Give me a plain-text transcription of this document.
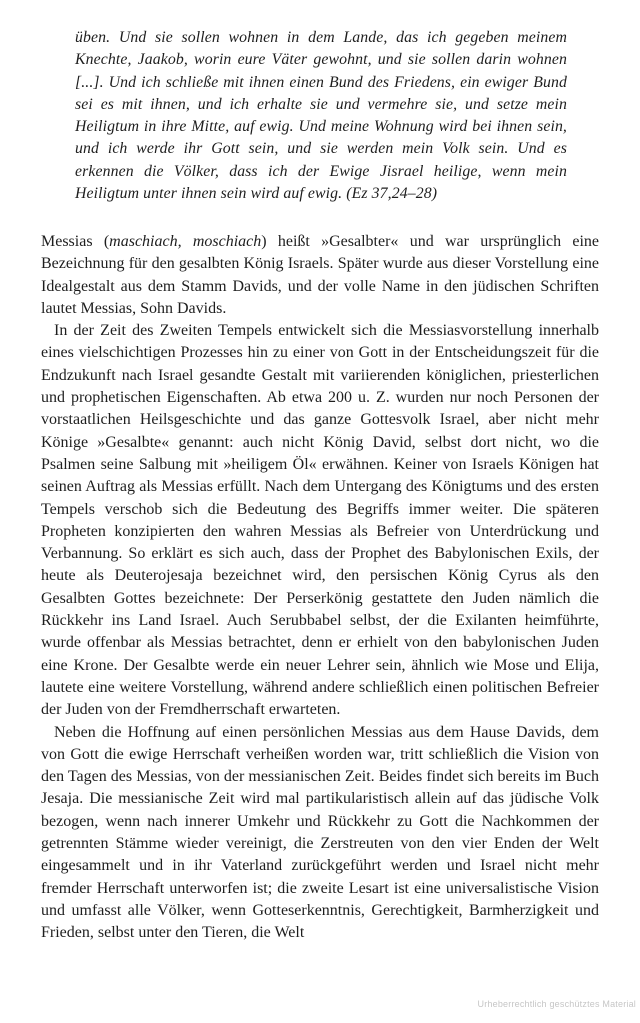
üben. Und sie sollen wohnen in dem Lande, das ich gegeben meinem Knechte, Jaakob, worin eure Väter gewohnt, und sie sollen darin wohnen [...]. Und ich schließe mit ihnen einen Bund des Friedens, ein ewiger Bund sei es mit ihnen, und ich erhalte sie und vermehre sie, und setze mein Heiligtum in ihre Mitte, auf ewig. Und meine Wohnung wird bei ihnen sein, und ich werde ihr Gott sein, und sie werden mein Volk sein. Und es erkennen die Völker, dass ich der Ewige Jisrael heilige, wenn mein Heiligtum unter ihnen sein wird auf ewig. (Ez 37,24–28)

Messias (maschiach, moschiach) heißt »Gesalbter« und war ursprünglich eine Bezeichnung für den gesalbten König Israels. Später wurde aus dieser Vorstellung eine Idealgestalt aus dem Stamm Davids, und der volle Name in den jüdischen Schriften lautet Messias, Sohn Davids.

In der Zeit des Zweiten Tempels entwickelt sich die Messiasvorstellung innerhalb eines vielschichtigen Prozesses hin zu einer von Gott in der Entscheidungszeit für die Endzukunft nach Israel gesandte Gestalt mit variierenden königlichen, priesterlichen und prophetischen Eigenschaften. Ab etwa 200 u. Z. wurden nur noch Personen der vorstaatlichen Heilsgeschichte und das ganze Gottesvolk Israel, aber nicht mehr Könige »Gesalbte« genannt: auch nicht König David, selbst dort nicht, wo die Psalmen seine Salbung mit »heiligem Öl« erwähnen. Keiner von Israels Königen hat seinen Auftrag als Messias erfüllt. Nach dem Untergang des Königtums und des ersten Tempels verschob sich die Bedeutung des Begriffs immer weiter. Die späteren Propheten konzipierten den wahren Messias als Befreier von Unterdrückung und Verbannung. So erklärt es sich auch, dass der Prophet des Babylonischen Exils, der heute als Deuterojesaja bezeichnet wird, den persischen König Cyrus als den Gesalbten Gottes bezeichnete: Der Perserkönig gestattete den Juden nämlich die Rückkehr ins Land Israel. Auch Serubbabel selbst, der die Exilanten heimführte, wurde offenbar als Messias betrachtet, denn er erhielt von den babylonischen Juden eine Krone. Der Gesalbte werde ein neuer Lehrer sein, ähnlich wie Mose und Elija, lautete eine weitere Vorstellung, während andere schließlich einen politischen Befreier der Juden von der Fremdherrschaft erwarteten.

Neben die Hoffnung auf einen persönlichen Messias aus dem Hause Davids, dem von Gott die ewige Herrschaft verheißen worden war, tritt schließlich die Vision von den Tagen des Messias, von der messianischen Zeit. Beides findet sich bereits im Buch Jesaja. Die messianische Zeit wird mal partikularistisch allein auf das jüdische Volk bezogen, wenn nach innerer Umkehr und Rückkehr zu Gott die Nachkommen der getrennten Stämme wieder vereinigt, die Zerstreuten von den vier Enden der Welt eingesammelt und in ihr Vaterland zurückgeführt werden und Israel nicht mehr fremder Herrschaft unterworfen ist; die zweite Lesart ist eine universalistische Vision und umfasst alle Völker, wenn Gotteserkenntnis, Gerechtigkeit, Barmherzigkeit und Frieden, selbst unter den Tieren, die Welt

Urheberrechtlich geschütztes Material
